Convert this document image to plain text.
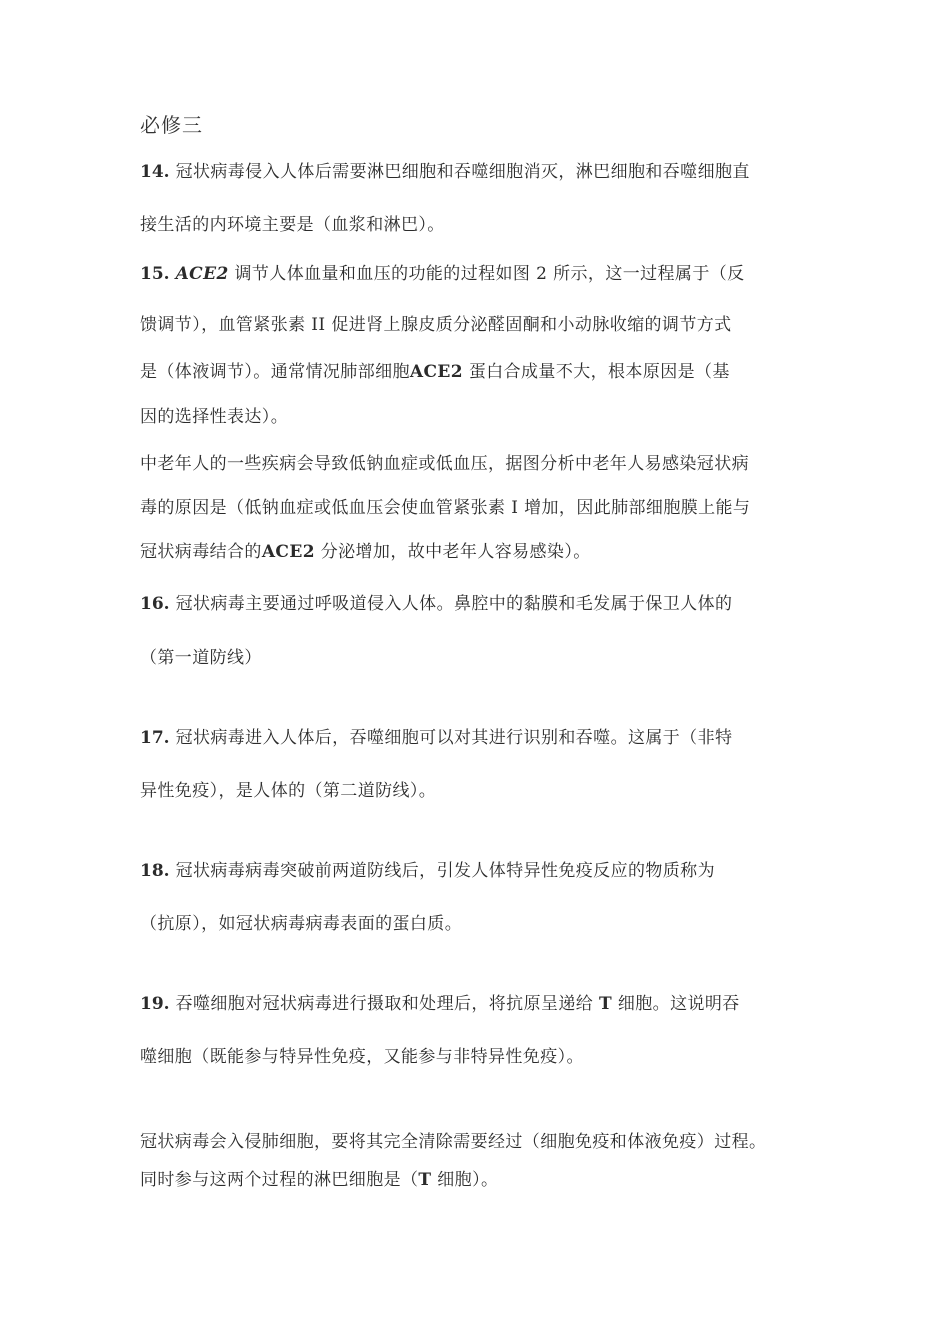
必修三
14. 冠状病毒侵入人体后需要淋巴细胞和吞噬细胞消灭，淋巴细胞和吞噬细胞直
接生活的内环境主要是（血浆和淋巴）。
15. ACE2 调节人体血量和血压的功能的过程如图 2 所示，这一过程属于（反
馈调节），血管紧张素 II 促进肾上腺皮质分泌醛固酮和小动脉收缩的调节方式
是（体液调节）。通常情况肺部细胞ACE2 蛋白合成量不大，根本原因是（基
因的选择性表达）。
中老年人的一些疾病会导致低钠血症或低血压，据图分析中老年人易感染冠状病
毒的原因是（低钠血症或低血压会使血管紧张素 I 增加，因此肺部细胞膜上能与
冠状病毒结合的ACE2 分泌增加，故中老年人容易感染）。
16. 冠状病毒主要通过呼吸道侵入人体。鼻腔中的黏膜和毛发属于保卫人体的
（第一道防线）
17. 冠状病毒进入人体后，吞噬细胞可以对其进行识别和吞噬。这属于（非特
异性免疫），是人体的（第二道防线）。
18. 冠状病毒病毒突破前两道防线后，引发人体特异性免疫反应的物质称为
（抗原），如冠状病毒病毒表面的蛋白质。
19. 吞噬细胞对冠状病毒进行摄取和处理后，将抗原呈递给 T 细胞。这说明吞
噬细胞（既能参与特异性免疫，又能参与非特异性免疫）。
冠状病毒会入侵肺细胞，要将其完全清除需要经过（细胞免疫和体液免疫）过程。
同时参与这两个过程的淋巴细胞是（T 细胞）。
